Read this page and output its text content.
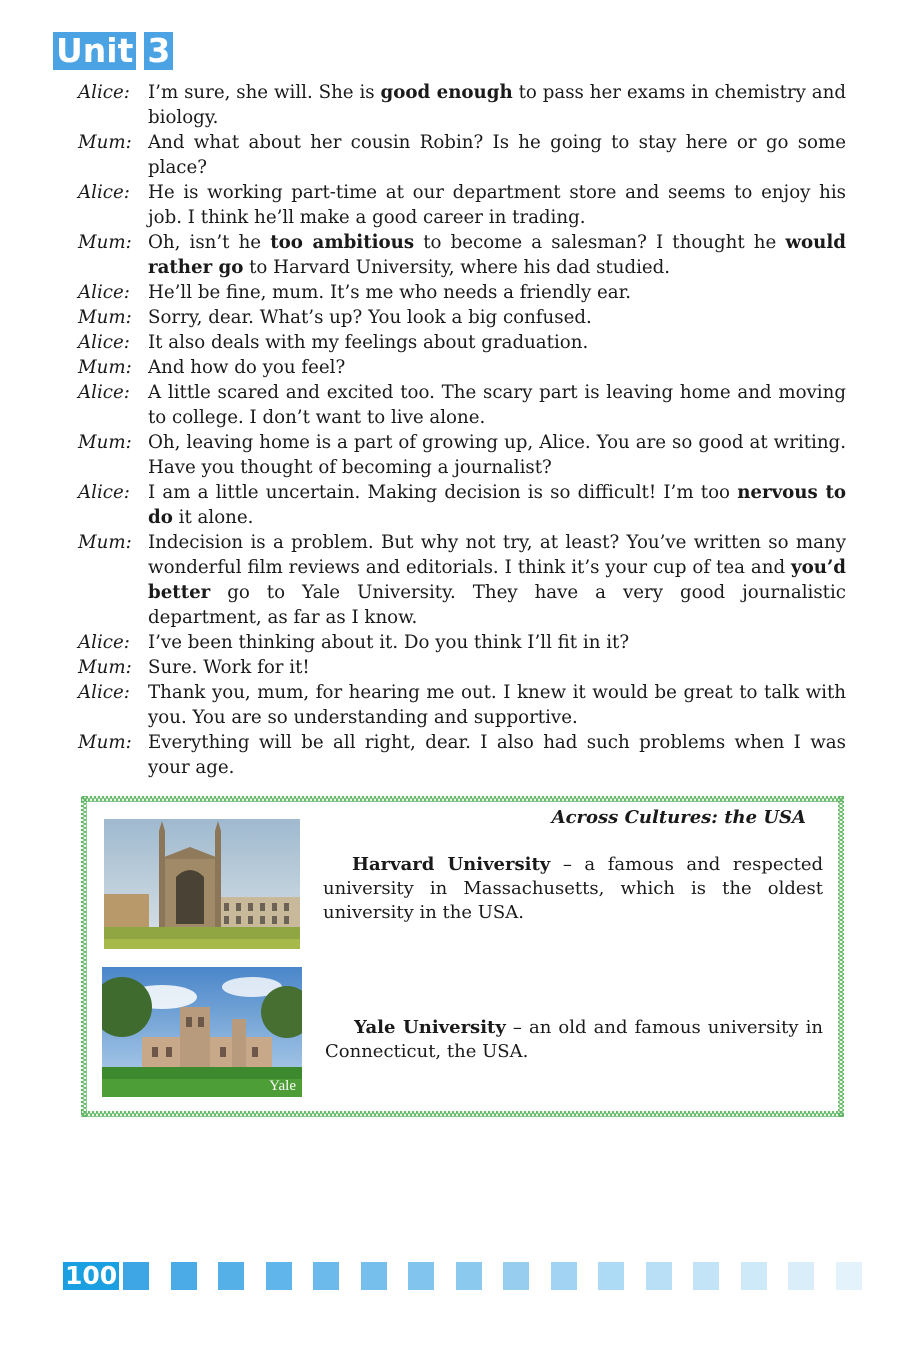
Unit 3
Alice: I’m sure, she will. She is good enough to pass her exams in chemistry and biology.

Mum: And what about her cousin Robin? Is he going to stay here or go some place?

Alice: He is working part-time at our department store and seems to enjoy his job. I think he’ll make a good career in trading.

Mum: Oh, isn’t he too ambitious to become a salesman? I thought he would rather go to Harvard University, where his dad studied.

Alice: He’ll be fine, mum. It’s me who needs a friendly ear.

Mum: Sorry, dear. What’s up? You look a big confused.

Alice: It also deals with my feelings about graduation.

Mum: And how do you feel?

Alice: A little scared and excited too. The scary part is leaving home and moving to college. I don’t want to live alone.

Mum: Oh, leaving home is a part of growing up, Alice. You are so good at writing. Have you thought of becoming a journalist?

Alice: I am a little uncertain. Making decision is so difficult! I’m too nervous to do it alone.

Mum: Indecision is a problem. But why not try, at least? You’ve written so many wonderful film reviews and editorials. I think it’s your cup of tea and you’d better go to Yale University. They have a very good journalistic department, as far as I know.

Alice: I’ve been thinking about it. Do you think I’ll fit in it?

Mum: Sure. Work for it!

Alice: Thank you, mum, for hearing me out. I knew it would be great to talk with you. You are so understanding and supportive.

Mum: Everything will be all right, dear. I also had such problems when I was your age.

Across Cultures: the USA
Harvard University – a famous and respected university in Massachusetts, which is the oldest university in the USA.
Yale
Yale University – an old and famous university in Connecticut, the USA.
100
